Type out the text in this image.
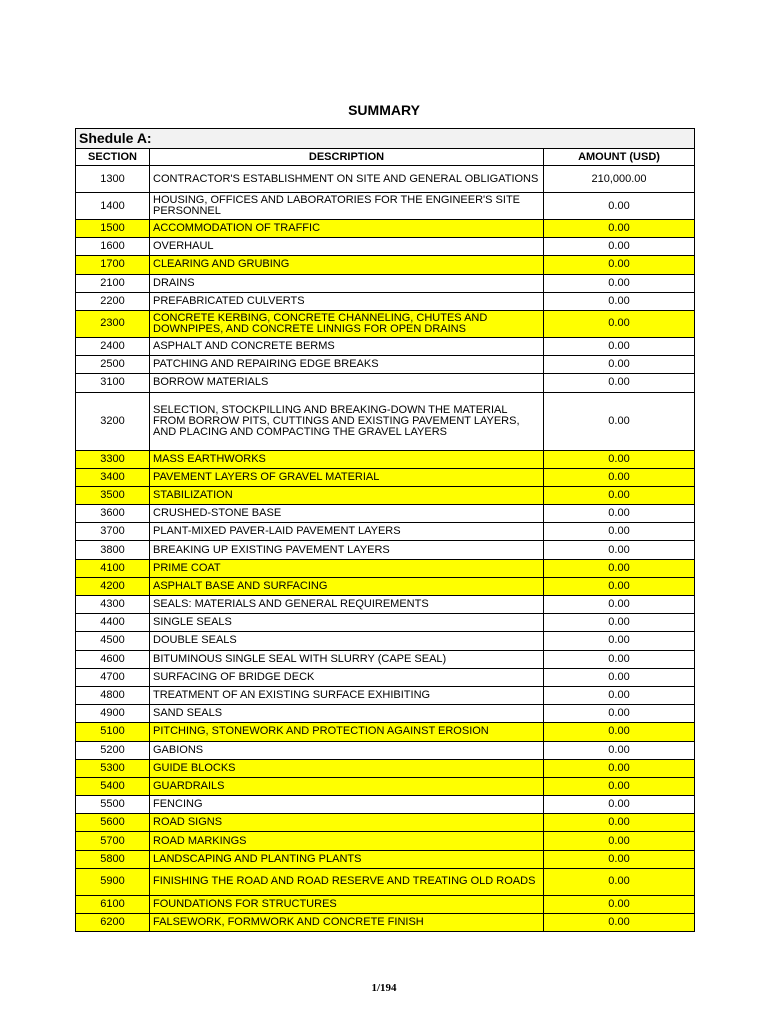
SUMMARY
Shedule A:		
SECTION	DESCRIPTION	AMOUNT (USD)
1300	CONTRACTOR'S ESTABLISHMENT ON SITE AND GENERAL OBLIGATIONS	210,000.00
1400	HOUSING, OFFICES AND LABORATORIES FOR THE ENGINEER'S SITE PERSONNEL	0.00
1500	ACCOMMODATION OF TRAFFIC	0.00
1600	OVERHAUL	0.00
1700	CLEARING AND GRUBING	0.00
2100	DRAINS	0.00
2200	PREFABRICATED CULVERTS	0.00
2300	CONCRETE KERBING, CONCRETE CHANNELING, CHUTES AND DOWNPIPES, AND CONCRETE LINNIGS FOR OPEN DRAINS	0.00
2400	ASPHALT AND CONCRETE BERMS	0.00
2500	PATCHING AND REPAIRING EDGE BREAKS	0.00
3100	BORROW MATERIALS	0.00
3200	SELECTION, STOCKPILLING AND BREAKING-DOWN THE MATERIAL FROM BORROW PITS, CUTTINGS AND EXISTING PAVEMENT LAYERS, AND PLACING AND COMPACTING THE GRAVEL LAYERS	0.00
3300	MASS EARTHWORKS	0.00
3400	PAVEMENT LAYERS OF GRAVEL MATERIAL	0.00
3500	STABILIZATION	0.00
3600	CRUSHED-STONE BASE	0.00
3700	PLANT-MIXED PAVER-LAID PAVEMENT LAYERS	0.00
3800	BREAKING UP EXISTING PAVEMENT LAYERS	0.00
4100	PRIME COAT	0.00
4200	ASPHALT BASE AND SURFACING	0.00
4300	SEALS: MATERIALS AND GENERAL REQUIREMENTS	0.00
4400	SINGLE SEALS	0.00
4500	DOUBLE SEALS	0.00
4600	BITUMINOUS SINGLE SEAL WITH SLURRY (CAPE SEAL)	0.00
4700	SURFACING OF BRIDGE DECK	0.00
4800	TREATMENT OF AN EXISTING SURFACE EXHIBITING	0.00
4900	SAND SEALS	0.00
5100	PITCHING, STONEWORK AND PROTECTION AGAINST EROSION	0.00
5200	GABIONS	0.00
5300	GUIDE BLOCKS	0.00
5400	GUARDRAILS	0.00
5500	FENCING	0.00
5600	ROAD SIGNS	0.00
5700	ROAD MARKINGS	0.00
5800	LANDSCAPING AND PLANTING PLANTS	0.00
5900	FINISHING THE ROAD AND ROAD RESERVE AND TREATING OLD ROADS	0.00
6100	FOUNDATIONS FOR STRUCTURES	0.00
6200	FALSEWORK, FORMWORK AND CONCRETE FINISH	0.00
1/194
